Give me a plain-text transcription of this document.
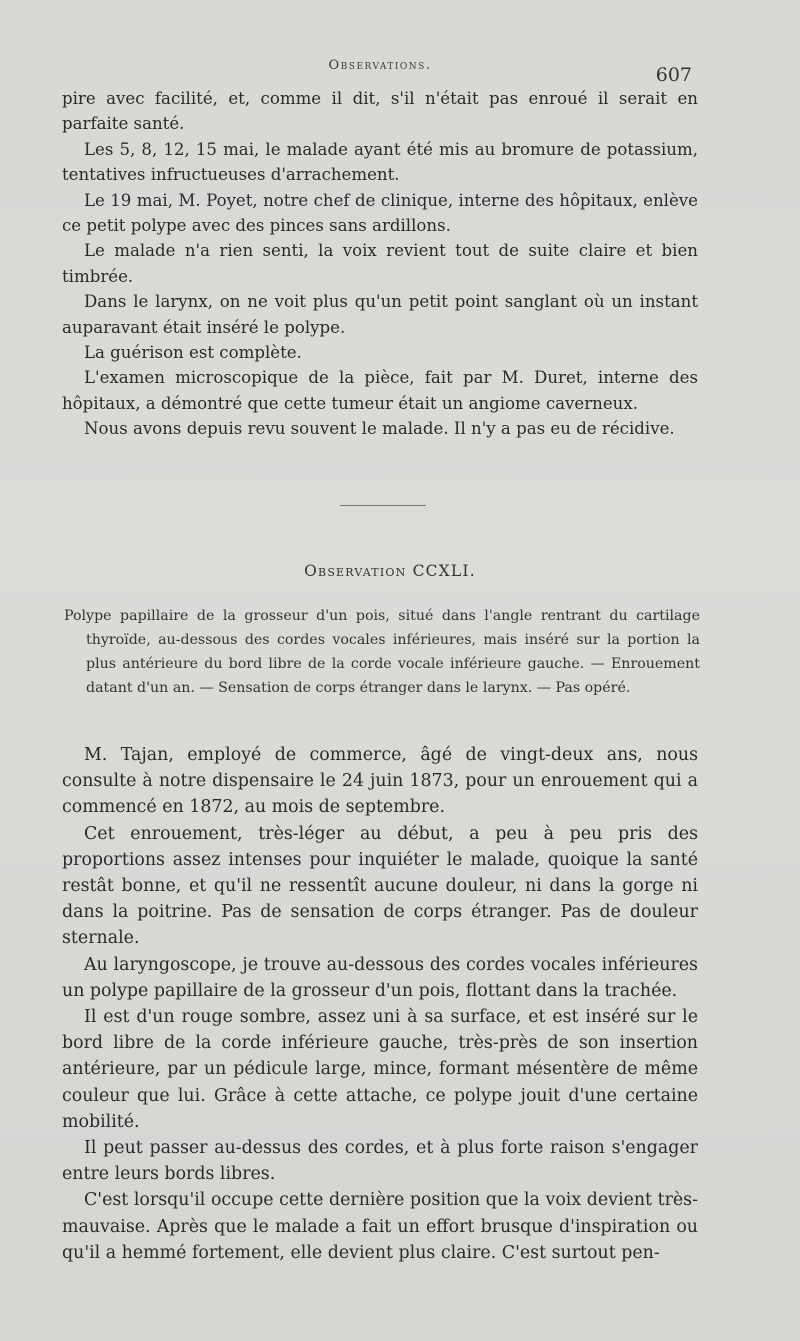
Observations.	607

pire avec facilité, et, comme il dit, s'il n'était pas enroué il serait en parfaite santé.

Les 5, 8, 12, 15 mai, le malade ayant été mis au bromure de potassium, tentatives infructueuses d'arrachement.

Le 19 mai, M. Poyet, notre chef de clinique, interne des hôpitaux, enlève ce petit polype avec des pinces sans ardillons.

Le malade n'a rien senti, la voix revient tout de suite claire et bien timbrée.

Dans le larynx, on ne voit plus qu'un petit point sanglant où un instant auparavant était inséré le polype.

La guérison est complète.

L'examen microscopique de la pièce, fait par M. Duret, interne des hôpitaux, a démontré que cette tumeur était un angiome caverneux.

Nous avons depuis revu souvent le malade. Il n'y a pas eu de récidive.

Observation CCXLI.

Polype papillaire de la grosseur d'un pois, situé dans l'angle rentrant du cartilage thyroïde, au-dessous des cordes vocales inférieures, mais inséré sur la portion la plus antérieure du bord libre de la corde vocale inférieure gauche. — Enrouement datant d'un an. — Sensation de corps étranger dans le larynx. — Pas opéré.

M. Tajan, employé de commerce, âgé de vingt-deux ans, nous consulte à notre dispensaire le 24 juin 1873, pour un enrouement qui a commencé en 1872, au mois de septembre.

Cet enrouement, très-léger au début, a peu à peu pris des proportions assez intenses pour inquiéter le malade, quoique la santé restât bonne, et qu'il ne ressentît aucune douleur, ni dans la gorge ni dans la poitrine. Pas de sensation de corps étranger. Pas de douleur sternale.

Au laryngoscope, je trouve au-dessous des cordes vocales inférieures un polype papillaire de la grosseur d'un pois, flottant dans la trachée.

Il est d'un rouge sombre, assez uni à sa surface, et est inséré sur le bord libre de la corde inférieure gauche, très-près de son insertion antérieure, par un pédicule large, mince, formant mésentère de même couleur que lui. Grâce à cette attache, ce polype jouit d'une certaine mobilité.

Il peut passer au-dessus des cordes, et à plus forte raison s'engager entre leurs bords libres.

C'est lorsqu'il occupe cette dernière position que la voix devient très-mauvaise. Après que le malade a fait un effort brusque d'inspiration ou qu'il a hemmé fortement, elle devient plus claire. C'est surtout pen-
